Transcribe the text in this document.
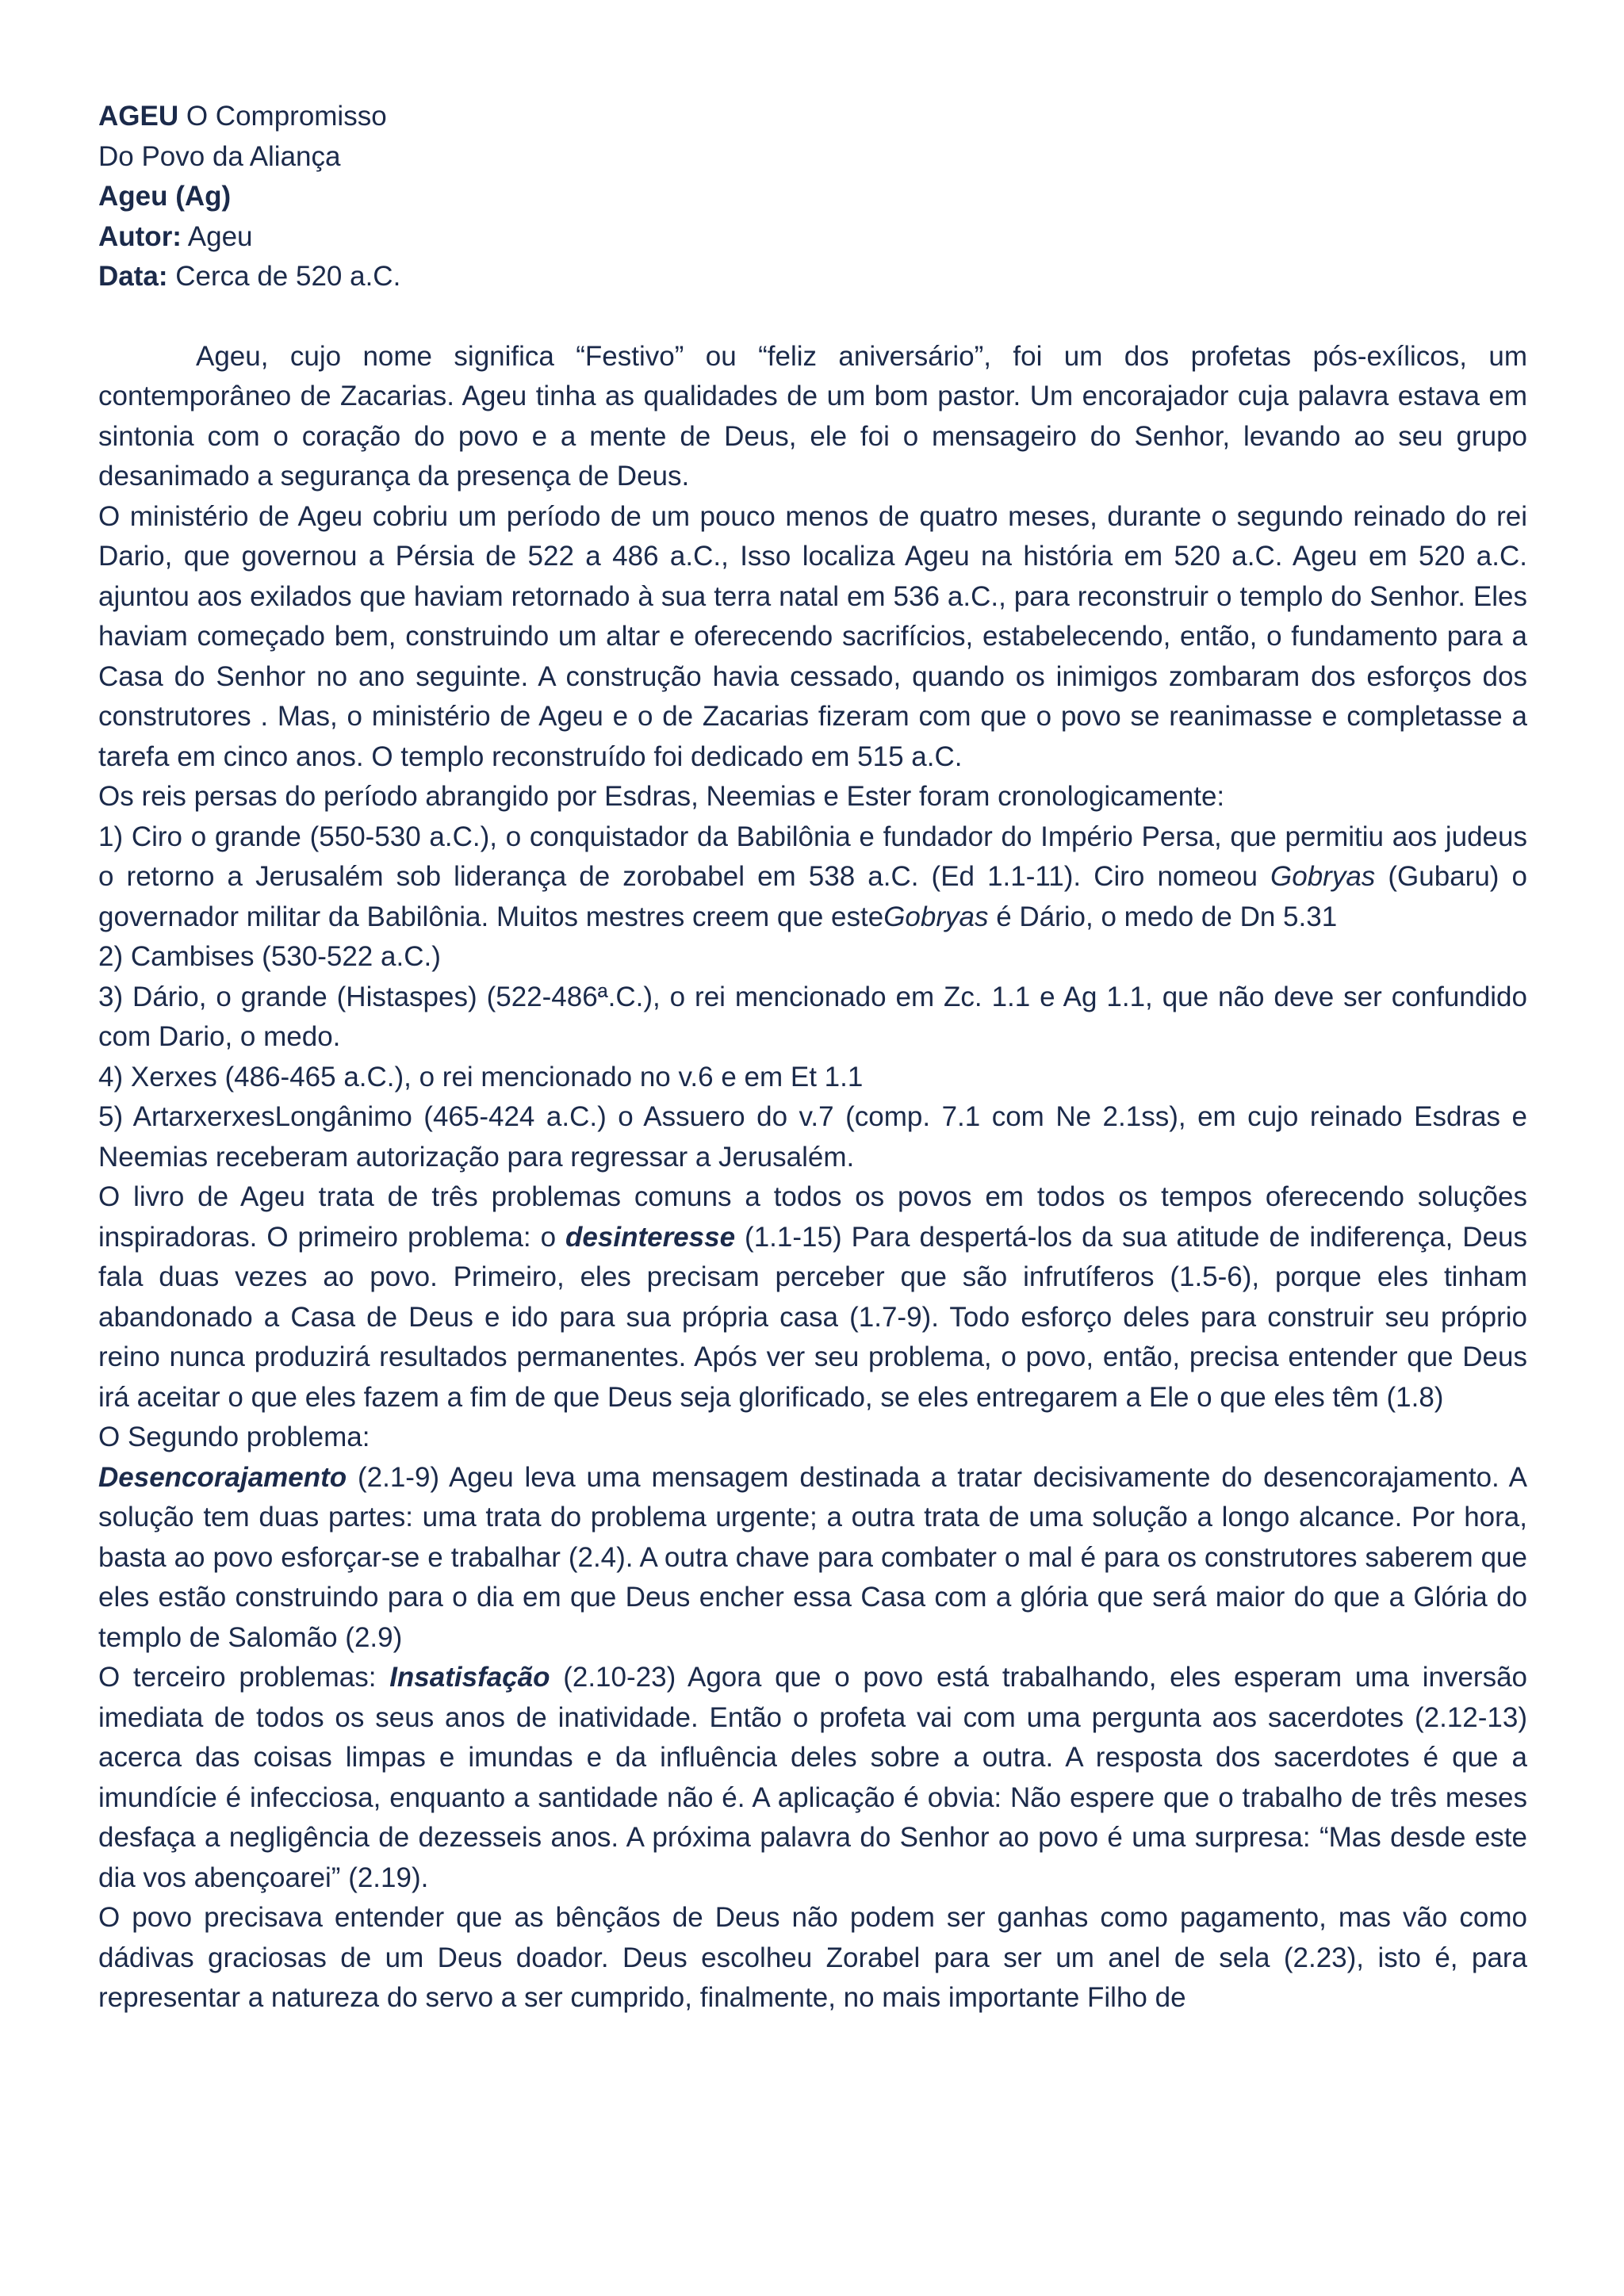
AGEU O Compromisso

Do Povo da Aliança

Ageu (Ag)

Autor: Ageu

Data: Cerca de 520 a.C.

Ageu, cujo nome significa “Festivo” ou “feliz aniversário”, foi um dos profetas pós-exílicos, um contemporâneo de Zacarias. Ageu tinha as qualidades de um bom pastor. Um encorajador cuja palavra estava em sintonia com o coração do povo e a mente de Deus, ele foi o mensageiro do Senhor, levando ao seu grupo desanimado a segurança da presença de Deus.

O ministério de Ageu cobriu um período de um pouco menos de quatro meses, durante o segundo reinado do rei Dario, que governou a Pérsia de 522 a 486 a.C., Isso localiza Ageu na história em 520 a.C. Ageu em 520 a.C. ajuntou aos exilados que haviam retornado à sua terra natal em 536 a.C., para reconstruir o templo do Senhor. Eles haviam começado bem, construindo um altar e oferecendo sacrifícios, estabelecendo, então, o fundamento para a Casa do Senhor no ano seguinte. A construção havia cessado, quando os inimigos zombaram dos esforços dos construtores . Mas, o ministério de Ageu e o de Zacarias fizeram com que o povo se reanimasse e completasse a tarefa em cinco anos. O templo reconstruído foi dedicado em 515 a.C.

Os reis persas do período abrangido por Esdras, Neemias e Ester foram cronologicamente:

1) Ciro o grande (550-530 a.C.), o conquistador da Babilônia e fundador do Império Persa, que permitiu aos judeus o retorno a Jerusalém sob liderança de zorobabel em 538 a.C. (Ed 1.1-11). Ciro nomeou Gobryas (Gubaru) o governador militar da Babilônia. Muitos mestres creem que esteGobryas é Dário, o medo de Dn 5.31

2) Cambises (530-522 a.C.)

3) Dário, o grande (Histaspes) (522-486ª.C.), o rei mencionado em Zc. 1.1 e Ag 1.1, que não deve ser confundido com Dario, o medo.

4) Xerxes (486-465 a.C.), o rei mencionado no v.6 e em Et 1.1

5) ArtarxerxesLongânimo (465-424 a.C.) o Assuero do v.7 (comp. 7.1 com Ne 2.1ss), em cujo reinado Esdras e Neemias receberam autorização para regressar a Jerusalém.

O livro de Ageu trata de três problemas comuns a todos os povos em todos os tempos oferecendo soluções inspiradoras. O primeiro problema: o desinteresse (1.1-15) Para despertá-los da sua atitude de indiferença, Deus fala duas vezes ao povo. Primeiro, eles precisam perceber que são infrutíferos (1.5-6), porque eles tinham abandonado a Casa de Deus e ido para sua própria casa (1.7-9). Todo esforço deles para construir seu próprio reino nunca produzirá resultados permanentes. Após ver seu problema, o povo, então, precisa entender que Deus irá aceitar o que eles fazem a fim de que Deus seja glorificado, se eles entregarem a Ele o que eles têm (1.8)

O Segundo problema:

Desencorajamento (2.1-9) Ageu leva uma mensagem destinada a tratar decisivamente do desencorajamento. A solução tem duas partes: uma trata do problema urgente; a outra trata de uma solução a longo alcance. Por hora, basta ao povo esforçar-se e trabalhar (2.4). A outra chave para combater o mal é para os construtores saberem que eles estão construindo para o dia em que Deus encher essa Casa com a glória que será maior do que a Glória do templo de Salomão (2.9)

O terceiro problemas: Insatisfação (2.10-23) Agora que o povo está trabalhando, eles esperam uma inversão imediata de todos os seus anos de inatividade. Então o profeta vai com uma pergunta aos sacerdotes (2.12-13) acerca das coisas limpas e imundas e da influência deles sobre a outra. A resposta dos sacerdotes é que a imundície é infecciosa, enquanto a santidade não é. A aplicação é obvia: Não espere que o trabalho de três meses desfaça a negligência de dezesseis anos. A próxima palavra do Senhor ao povo é uma surpresa: “Mas desde este dia vos abençoarei” (2.19).

O povo precisava entender que as bênçãos de Deus não podem ser ganhas como pagamento, mas vão como dádivas graciosas de um Deus doador. Deus escolheu Zorabel para ser um anel de sela (2.23), isto é, para representar a natureza do servo a ser cumprido, finalmente, no mais importante Filho de
